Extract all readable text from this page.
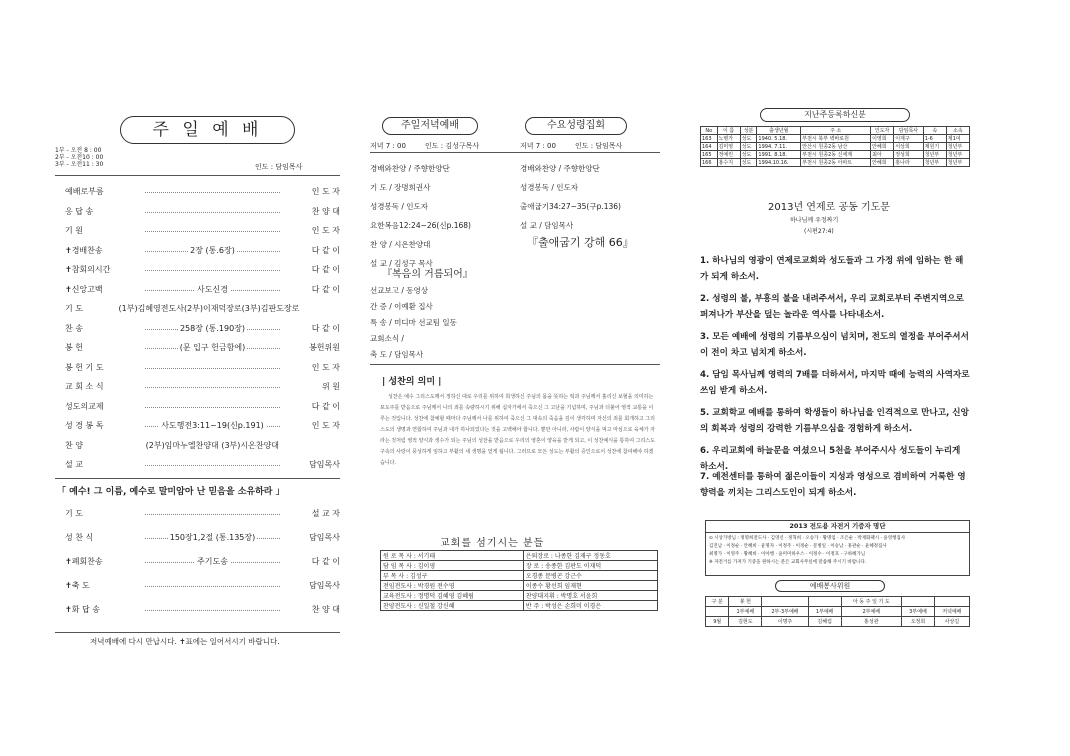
주 일 예 배
1부 - 오전 8 : 00
2부 - 오전10 : 00
3부 - 오전11 : 30	인도 : 담임목사
예배로부름	인 도 자
응 답 송	찬 양 대
기 원	인 도 자
✝경배찬송	2장 (통.6장)	다 같 이
✝참회의시간	다 같 이
✝신앙고백	사도신경	다 같 이
기 도	(1부)김혜영전도사(2부)이재덕장로(3부)김판도장로
찬 송	258장 (통.190장)	다 같 이
봉 헌	(문 입구 헌금함에)	봉헌위원
봉 헌 기 도	인 도 자
교 회 소 식	위 원
성도의교제	다 같 이
성 경 봉 독	사도행전3:11~19(신p.191)	인 도 자
찬 양	(2부)임마누엘찬양대 (3부)시온찬양대
설 교	담임목사
「 예수! 그 이름, 예수로 말미암아 난 믿음을 소유하라 」
기 도	설 교 자
성 찬 식	150장1,2절 (통.135장)	담임목사
✝폐회찬송	주기도송	다 같 이
✝축 도	담임목사
✝화 답 송	찬 양 대
저녁예배에 다시 만납시다. ✝표에는 일어서시기 바랍니다.
주일저녁예배	수요성령집회
저녁 7 : 00	인도 : 김성구목사	저녁 7 : 00	인도 : 담임목사
경배와찬양 / 주향한양단
기 도 / 장명희권사
성경봉독 / 인도자
요한복음12:24~26(신p.168)
찬 양 / 시온찬양대
설 교 / 김성구 목사
『복음의 거름되어』
선교보고 / 동영상
간 증 / 이예환 집사
특 송 / 미디마 선교팀 일동
교회소식 /
축 도 / 담임목사
경배와찬양 / 주향한양단
성경봉독 / 인도자
출애굽기34:27~35(구p.136)
설 교 / 담임목사
『출애굽기 강해 66』
| 성찬의 의미 |
성찬은 예수 그리스도께서 정하신 대로 우리를 위하여 희생하신 주님의 몸을 뜻하는 떡과 주님께서 흘리신 보혈을 의미하는 포도주를 받음으로 주님께서 나의 죄를 속량하시기 위해 십자가에서 죽으신 그 고난을 기념하며, 주님과 더불어 영적 교통을 이루는 것입니다. 성찬에 참예할 때마다 주님께서 나를 위하여 죽으신 그 대속의 죽음을 깊이 생각하며 자신의 죄를 회개하고 그리스도의 생명과 연합하여 주님과 내가 하나되었다는 것을 고백해야 합니다. 뿐만 아니라, 사람이 양식을 먹고 마심으로 육체가 자라는 것처럼 영적 양식과 생수가 되는 주님의 성찬을 받음으로 우리의 영혼이 양육을 받게 되고, 이 성찬예식을 통하여 그리스도 구속의 사랑이 풍성하게 임하고 부활의 새 생명을 얻게 됩니다. 그러므로 모든 성도는 부활의 증인으로서 성찬에 참여해야 하겠습니다.
교회를 섬기시는 분들
원 로 목 사 : 서기태	은퇴장로 : 나종한 김재구 정동호
담 임 목 사 : 김이영	장 로 : 송종한 김판도 이재덕
부 목 사 : 김성구	오경종 문병곤 강근수
전임전도사 : 박경원 전수영	이종수 황선희 임재현
교육전도사 : 정명덕 김혜영 김혜림	찬양대지휘 : 박명호 서윤희
찬양전도사 : 신일철 강신혜	반 주 : 박성은 손희미 이경은
지난주등록하신분
No	이 름	성분	출생년월	주 소	인도자	담임목사	속	소속
163	노병가	성도	1940. 5.18.	부천시 북부 벽바로원	이영희	이재구	1-6	제1여
164	김미영	성도	1994. 7.11.	안산시 원종2동 남산	안혜희	서상희	제원기	청년부
165	정예린	성도	1991. 8.18.	부천시 원종2동 신세계	최아	정성희	청년부	청년부
166	홍수지	성도	1994.10.16.	부천시 원종2동 아파트	안혜희	홍나라	청년부	청년부
2013년 연제로 공동 기도문
하나님께 우정짜기
(시편27:4)
1. 하나님의 영광이 연제로교회와 성도들과 그 가정 위에 임하는 한 해가 되게 하소서.
2. 성령의 불, 부흥의 불을 내려주셔서, 우리 교회로부터 주변지역으로 퍼져나가 부산을 덮는 놀라운 역사를 나타내소서.
3. 모든 예배에 성령의 기름부으심이 넘치며, 전도의 열정을 부어주셔서 이 전이 차고 넘치게 하소서.
4. 담임 목사님께 영력의 7배를 더하셔서, 마지막 때에 능력의 사역자로 쓰임 받게 하소서.
5. 교회학교 예배를 통하여 학생들이 하나님을 인격적으로 만나고, 신앙의 회복과 성령의 강력한 기름부으심을 경험하게 하소서.
6. 우리교회에 하늘문을 여셨으니 5천을 부어주시사 성도들이 누리게 하소서.
7. 예전센터를 통하여 젊은이들이 지성과 영성으로 겸비하여 거룩한 영향력을 끼치는 그리스도인이 되게 하소서.
2013 전도용 자전거 기증자 명단
⊙ 시상가방님 : 정명희전도사 · 김영신 · 정혁희 · 오승가 · 황명임 · 조은순 · 박재화팩시 · 윤영행집사
김진남 · 이정순 · 안혜희 · 윤명자 · 이정주 · 이정순 · 문병일 · 이승남 · 홍관순 · 윤혜정집사
최명가 · 이영주 · 황혜희 · 이아행 · 윤미미하우스 · 이정수 · 이정호 · 구하혜가님
※ 자전거를 가져가 기증을 원하시는 분은 교회사무실에 말씀해 주시기 바랍니다.
예배봉사위원
구 분	봉 헌			아 동 주 일 기 도		
	1부예배	2부·3부예배	1부예배	2부예배	3부예배	저녁예배
9월	김현도	이명주	김혜림	홍성관	오정희	사상길
